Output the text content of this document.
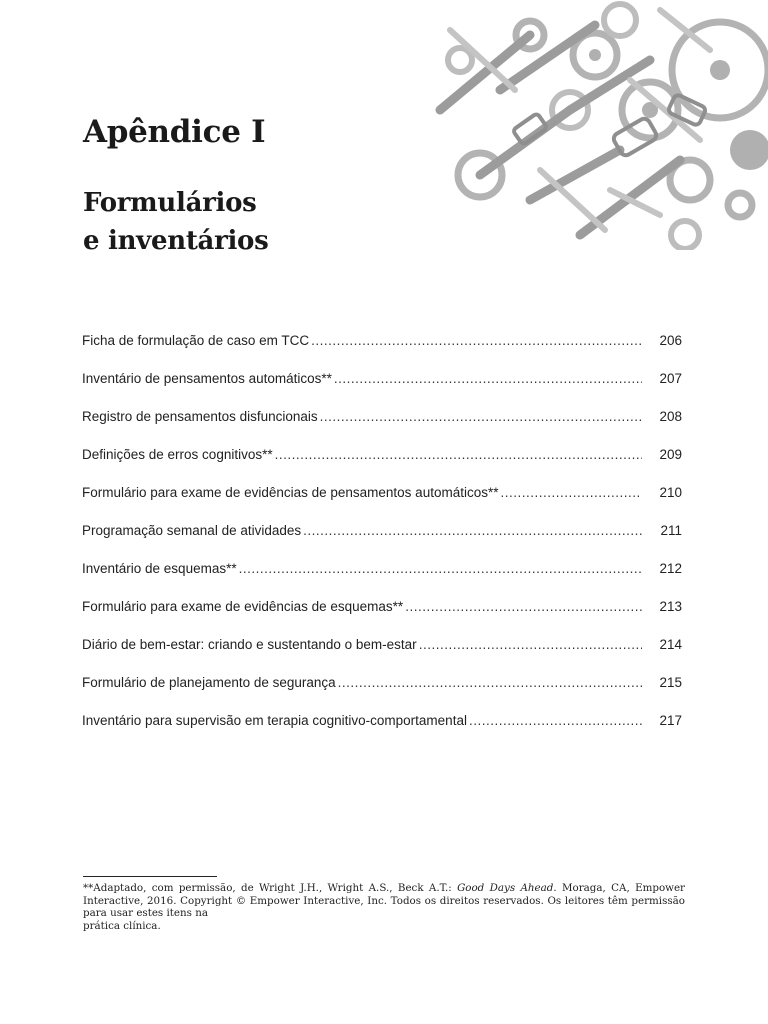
Apêndice I
Formulários
e inventários
Ficha de formulação de caso em TCC .....	206
Inventário de pensamentos automáticos** .....	207
Registro de pensamentos disfuncionais .....	208
Definições de erros cognitivos** .....	209
Formulário para exame de evidências de pensamentos automáticos** .....	210
Programação semanal de atividades .....	211
Inventário de esquemas** .....	212
Formulário para exame de evidências de esquemas** .....	213
Diário de bem-estar: criando e sustentando o bem-estar .....	214
Formulário de planejamento de segurança .....	215
Inventário para supervisão em terapia cognitivo-comportamental .....	217

**Adaptado, com permissão, de Wright J.H., Wright A.S., Beck A.T.: Good Days Ahead. Moraga, CA, Empower Interactive, 2016. Copyright © Empower Interactive, Inc. Todos os direitos reservados. Os leitores têm permissão para usar estes itens na
prática clínica.
